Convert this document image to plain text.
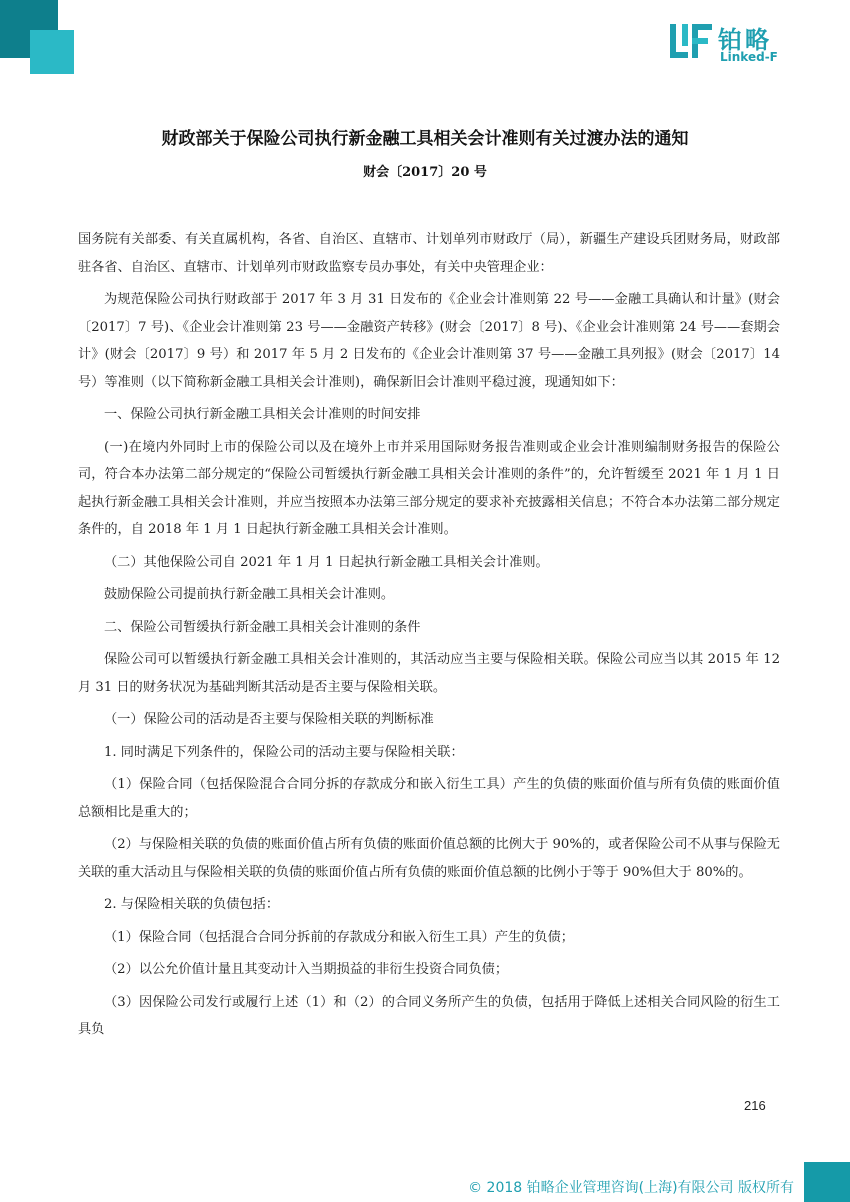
铂略
Linked-F
财政部关于保险公司执行新金融工具相关会计准则有关过渡办法的通知
财会〔2017〕20 号

国务院有关部委、有关直属机构，各省、自治区、直辖市、计划单列市财政厅（局），新疆生产建设兵团财务局，财政部驻各省、自治区、直辖市、计划单列市财政监察专员办事处，有关中央管理企业：

为规范保险公司执行财政部于 2017 年 3 月 31 日发布的《企业会计准则第 22 号——金融工具确认和计量》(财会〔2017〕7 号)、《企业会计准则第 23 号——金融资产转移》(财会〔2017〕8 号)、《企业会计准则第 24 号——套期会计》(财会〔2017〕9 号）和 2017 年 5 月 2 日发布的《企业会计准则第 37 号——金融工具列报》(财会〔2017〕14 号）等准则（以下简称新金融工具相关会计准则)，确保新旧会计准则平稳过渡，现通知如下：

一、保险公司执行新金融工具相关会计准则的时间安排

(一)在境内外同时上市的保险公司以及在境外上市并采用国际财务报告准则或企业会计准则编制财务报告的保险公司，符合本办法第二部分规定的“保险公司暂缓执行新金融工具相关会计准则的条件”的，允许暂缓至 2021 年 1 月 1 日起执行新金融工具相关会计准则，并应当按照本办法第三部分规定的要求补充披露相关信息；不符合本办法第二部分规定条件的，自 2018 年 1 月 1 日起执行新金融工具相关会计准则。

（二）其他保险公司自 2021 年 1 月 1 日起执行新金融工具相关会计准则。

鼓励保险公司提前执行新金融工具相关会计准则。

二、保险公司暂缓执行新金融工具相关会计准则的条件

保险公司可以暂缓执行新金融工具相关会计准则的，其活动应当主要与保险相关联。保险公司应当以其 2015 年 12 月 31 日的财务状况为基础判断其活动是否主要与保险相关联。

（一）保险公司的活动是否主要与保险相关联的判断标准

1. 同时满足下列条件的，保险公司的活动主要与保险相关联：

（1）保险合同（包括保险混合合同分拆的存款成分和嵌入衍生工具）产生的负债的账面价值与所有负债的账面价值总额相比是重大的；

（2）与保险相关联的负债的账面价值占所有负债的账面价值总额的比例大于 90%的，或者保险公司不从事与保险无关联的重大活动且与保险相关联的负债的账面价值占所有负债的账面价值总额的比例小于等于 90%但大于 80%的。

2. 与保险相关联的负债包括：

（1）保险合同（包括混合合同分拆前的存款成分和嵌入衍生工具）产生的负债；

（2）以公允价值计量且其变动计入当期损益的非衍生投资合同负债；

（3）因保险公司发行或履行上述（1）和（2）的合同义务所产生的负债，包括用于降低上述相关合同风险的衍生工具负

216
© 2018 铂略企业管理咨询(上海)有限公司 版权所有
